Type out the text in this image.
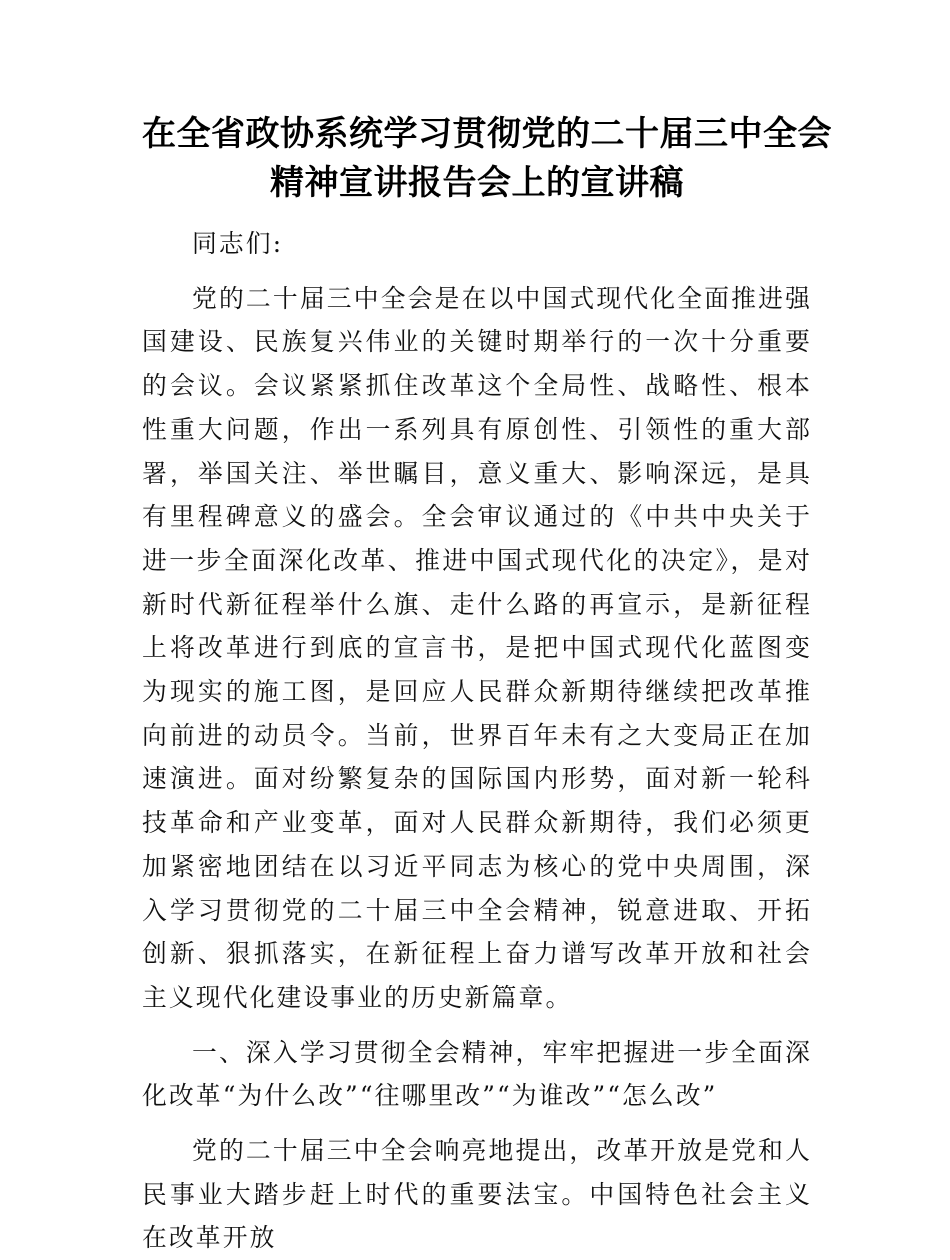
在全省政协系统学习贯彻党的二十届三中全会
精神宣讲报告会上的宣讲稿

同志们:

党的二十届三中全会是在以中国式现代化全面推进强国建设、民族复兴伟业的关键时期举行的一次十分重要的会议。会议紧紧抓住改革这个全局性、战略性、根本性重大问题，作出一系列具有原创性、引领性的重大部署，举国关注、举世瞩目，意义重大、影响深远，是具有里程碑意义的盛会。全会审议通过的《中共中央关于进一步全面深化改革、推进中国式现代化的决定》，是对新时代新征程举什么旗、走什么路的再宣示，是新征程上将改革进行到底的宣言书，是把中国式现代化蓝图变为现实的施工图，是回应人民群众新期待继续把改革推向前进的动员令。当前，世界百年未有之大变局正在加速演进。面对纷繁复杂的国际国内形势，面对新一轮科技革命和产业变革，面对人民群众新期待，我们必须更加紧密地团结在以习近平同志为核心的党中央周围，深入学习贯彻党的二十届三中全会精神，锐意进取、开拓创新、狠抓落实，在新征程上奋力谱写改革开放和社会主义现代化建设事业的历史新篇章。

一、深入学习贯彻全会精神，牢牢把握进一步全面深化改革“为什么改”“往哪里改”“为谁改”“怎么改”

党的二十届三中全会响亮地提出，改革开放是党和人民事业大踏步赶上时代的重要法宝。中国特色社会主义在改革开放
